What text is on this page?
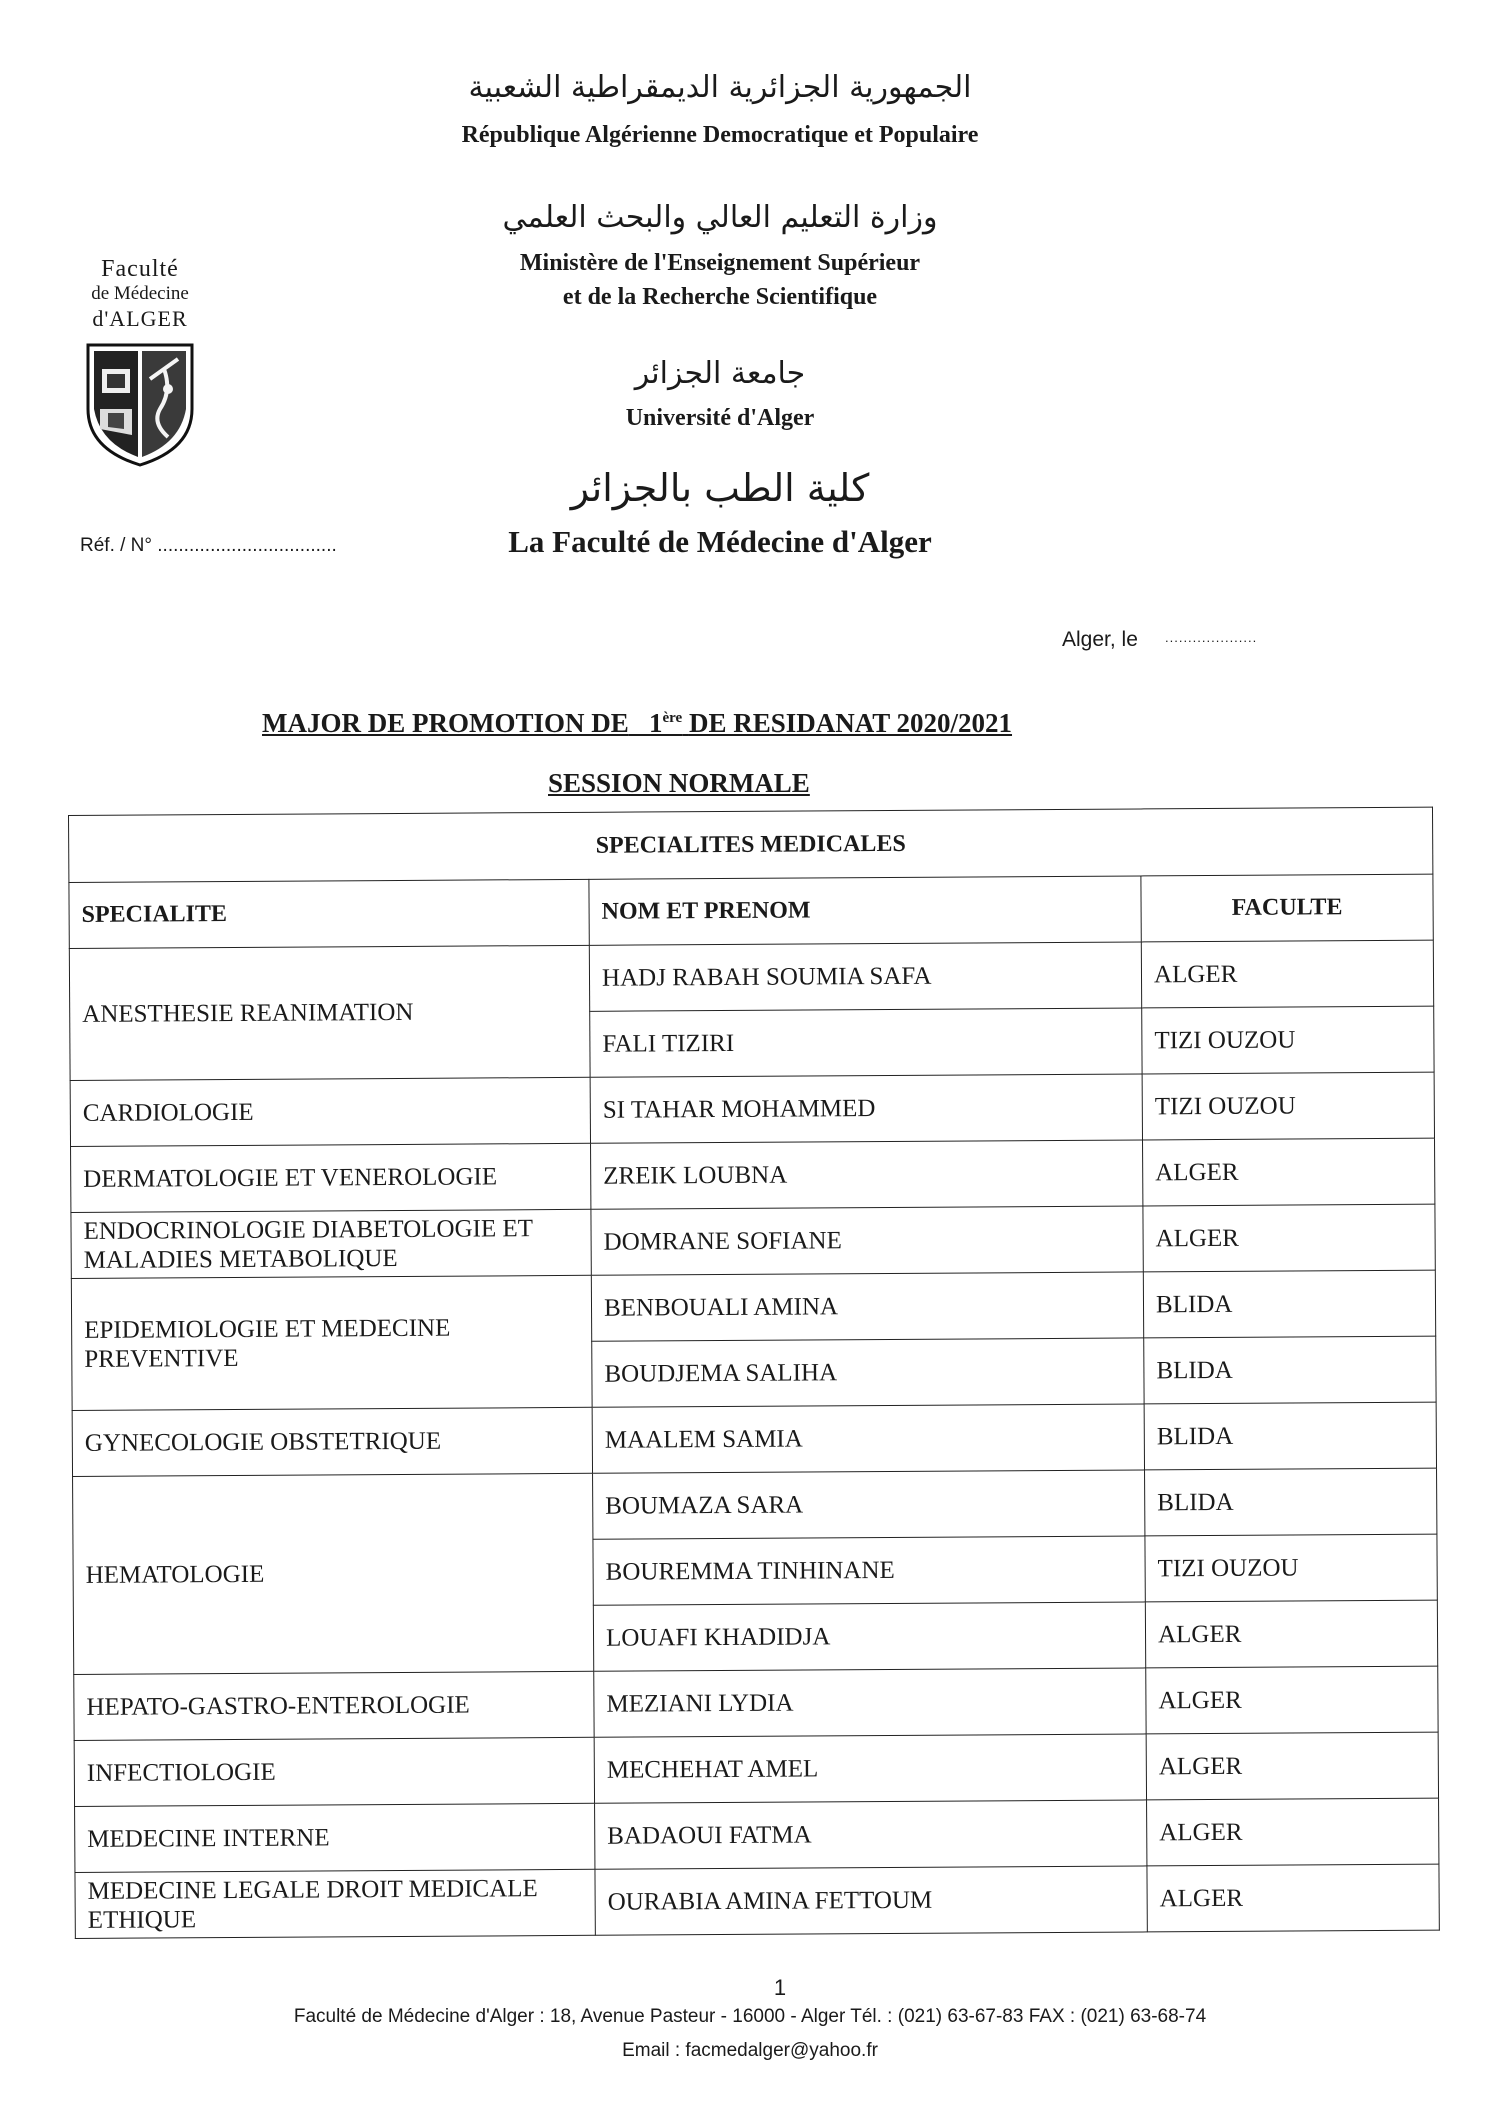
الجمهورية الجزائرية الديمقراطية الشعبية
République Algérienne Democratique et Populaire
وزارة التعليم العالي والبحث العلمي
Ministère de l'Enseignement Supérieur
et de la Recherche Scientifique
جامعة الجزائر
Université d'Alger
كلية الطب بالجزائر
La Faculté de Médecine d'Alger
Faculté
de Médecine
d'ALGER
Réf. / N° ..................................
Alger, le ....................
MAJOR DE PROMOTION DE 1ère DE RESIDANAT 2020/2021
SESSION NORMALE
SPECIALITES MEDICALES		
SPECIALITE	NOM ET PRENOM	FACULTE
ANESTHESIE REANIMATION	HADJ RABAH SOUMIA SAFA	ALGER
	FALI TIZIRI	TIZI OUZOU
CARDIOLOGIE	SI TAHAR MOHAMMED	TIZI OUZOU
DERMATOLOGIE ET VENEROLOGIE	ZREIK LOUBNA	ALGER
ENDOCRINOLOGIE DIABETOLOGIE ET MALADIES METABOLIQUE	DOMRANE SOFIANE	ALGER
EPIDEMIOLOGIE ET MEDECINE PREVENTIVE	BENBOUALI AMINA	BLIDA
	BOUDJEMA SALIHA	BLIDA
GYNECOLOGIE OBSTETRIQUE	MAALEM SAMIA	BLIDA
HEMATOLOGIE	BOUMAZA SARA	BLIDA
	BOUREMMA TINHINANE	TIZI OUZOU
	LOUAFI KHADIDJA	ALGER
HEPATO-GASTRO-ENTEROLOGIE	MEZIANI LYDIA	ALGER
INFECTIOLOGIE	MECHEHAT AMEL	ALGER
MEDECINE INTERNE	BADAOUI FATMA	ALGER
MEDECINE LEGALE DROIT MEDICALE ETHIQUE	OURABIA AMINA FETTOUM	ALGER
1
Faculté de Médecine d'Alger : 18, Avenue Pasteur - 16000 - Alger Tél. : (021) 63-67-83 FAX : (021) 63-68-74
Email : facmedalger@yahoo.fr
